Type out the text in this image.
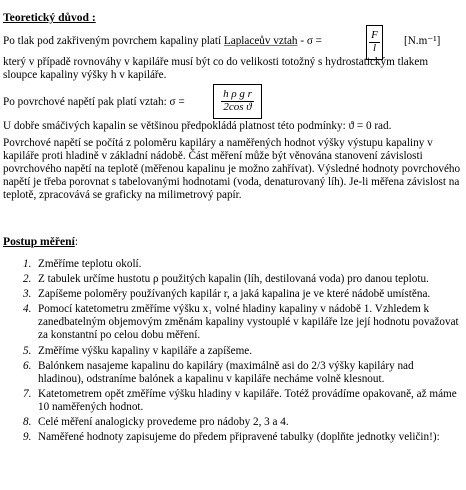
Teoretický důvod :
Po tlak pod zakřiveným povrchem kapaliny platí Laplaceův vztah - σ =	$\frac{F}{l} [N.m^{-1}]$
který v případě rovnováhy v kapiláře musí být co do velikosti totožný s hydrostatickým tlakem sloupce kapaliny výšky h v kapiláře.
Po povrchové napětí pak platí vztah: σ =	$\frac{\text{h ρ g r}}{\text{2cos ϑ}}$
U dobře smáčivých kapalin se většinou předpokládá platnost této podmínky: ϑ = 0 rad.
Povrchové napětí se počítá z poloměru kapiláry a naměřených hodnot výšky výstupu kapaliny v kapiláře proti hladině v základní nádobě. Část měření může být věnována stanovení závislosti povrchového napětí na teplotě (měřenou kapalinu je možno zahřívat). Výsledné hodnoty povrchového napětí je třeba porovnat s tabelovanými hodnotami (voda, denaturovaný líh). Je-li měřena závislost na teplotě, zpracovává se graficky na milimetrový papír.
Postup měření:
1. Změříme teplotu okolí.
2. Z tabulek určíme hustotu ρ použitých kapalin (líh, destilovaná voda) pro danou teplotu.
3. Zapíšeme poloměry používaných kapilár r, a jaká kapalina je ve které nádobě umístěna.
4. Pomocí katetometru změříme výšku x₁ volné hladiny kapaliny v nádobě 1. Vzhledem k zanedbatelným objemovým změnám kapaliny vystouplé v kapiláře lze její hodnotu považovat za konstantní po celou dobu měření.
5. Změříme výšku kapaliny v kapiláře a zapíšeme.
6. Balónkem nasajeme kapalinu do kapiláry (maximálně asi do 2/3 výšky kapiláry nad hladinou), odstraníme balónek a kapalinu v kapiláře necháme volně klesnout.
7. Katetometrem opět změříme výšku hladiny v kapiláře. Totéž provádíme opakovaně, až máme 10 naměřených hodnot.
8. Celé měření analogicky provedeme pro nádoby 2, 3 a 4.
9. Naměřené hodnoty zapisujeme do předem připravené tabulky (doplňte jednotky veličin!):
